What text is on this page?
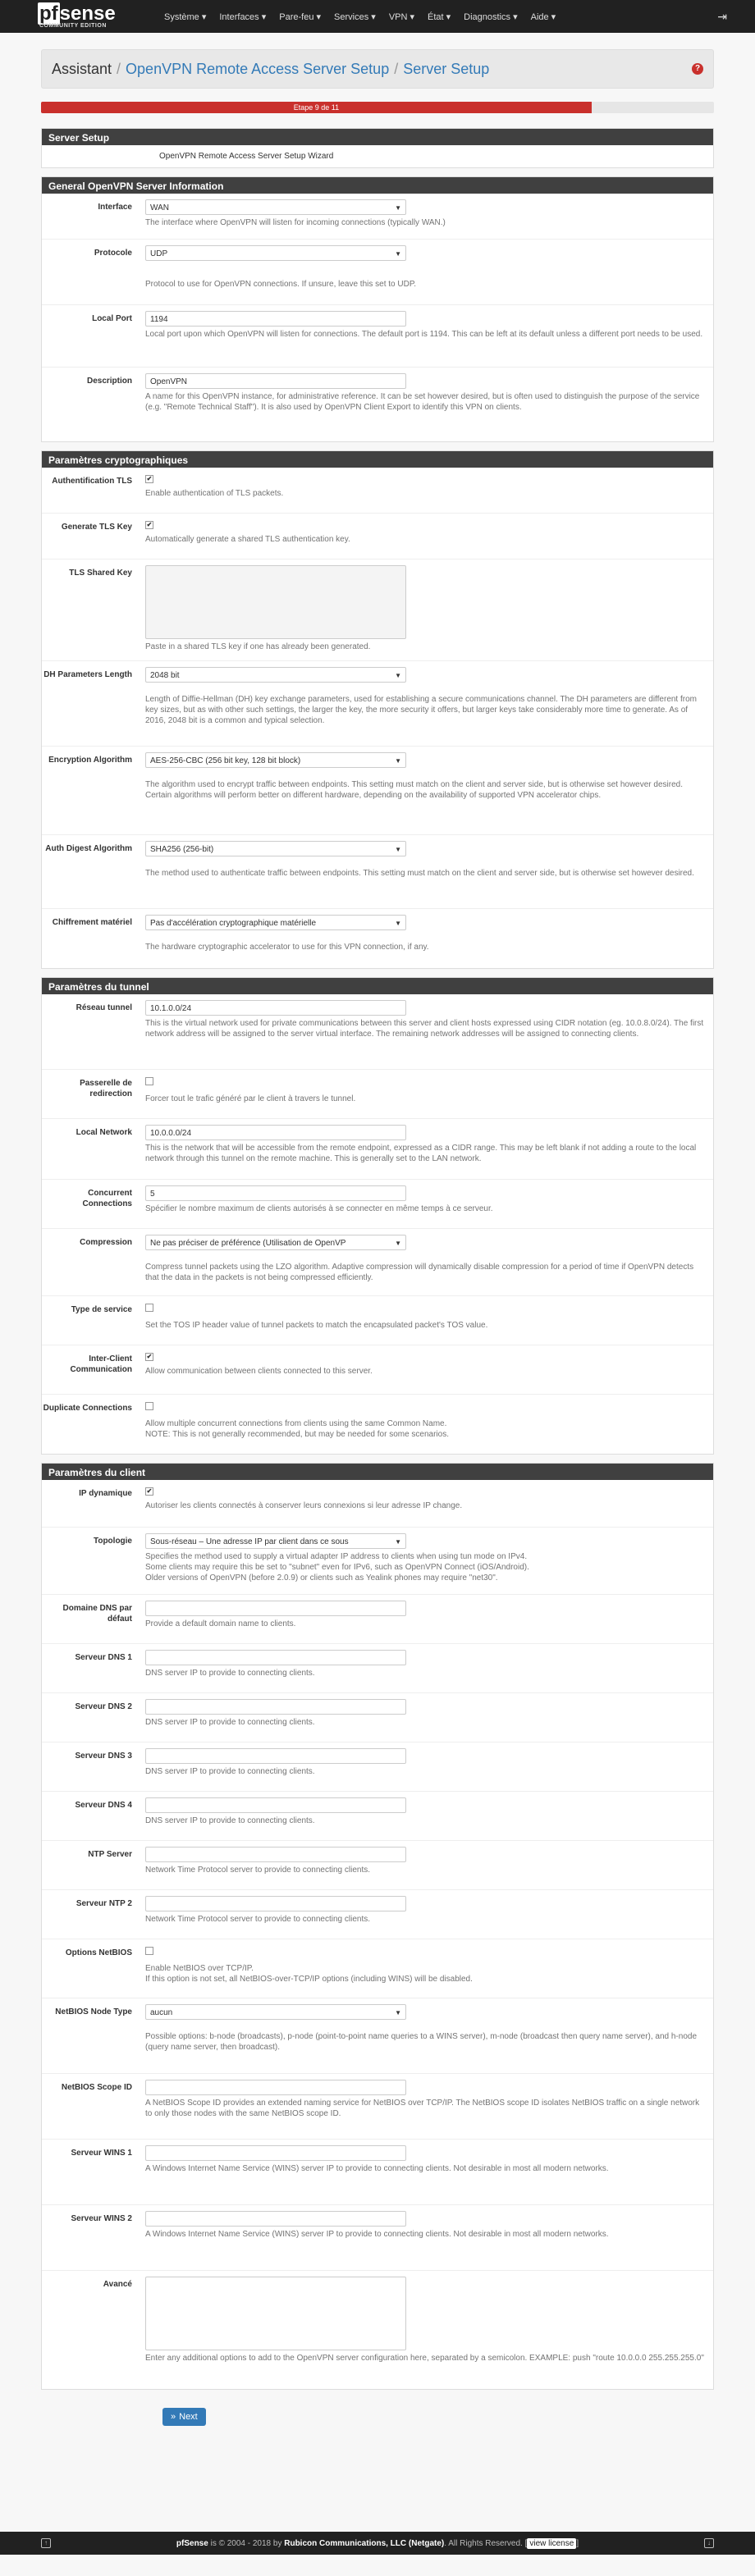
pfsense
COMMUNITY EDITION
Système ▾ Interfaces ▾ Pare-feu ▾ Services ▾ VPN ▾ État ▾ Diagnostics ▾ Aide ▾	⇥
Assistant / OpenVPN Remote Access Server Setup / Server Setup	?
Etape 9 de 11
Server Setup
OpenVPN Remote Access Server Setup Wizard
General OpenVPN Server Information
Interface	WAN	▼
The interface where OpenVPN will listen for incoming connections (typically WAN.)
Protocole	UDP	▼
Protocol to use for OpenVPN connections. If unsure, leave this set to UDP.
Local Port	1194
Local port upon which OpenVPN will listen for connections. The default port is 1194. This can be left at its default unless a different port needs to be used.
Description	OpenVPN
A name for this OpenVPN instance, for administrative reference. It can be set however desired, but is often used to distinguish the purpose of the service (e.g. "Remote Technical Staff"). It is also used by OpenVPN Client Export to identify this VPN on clients.
Paramètres cryptographiques
Authentification TLS	✔
Enable authentication of TLS packets.
Generate TLS Key	✔
Automatically generate a shared TLS authentication key.
TLS Shared Key
Paste in a shared TLS key if one has already been generated.
DH Parameters Length	2048 bit	▼
Length of Diffie-Hellman (DH) key exchange parameters, used for establishing a secure communications channel. The DH parameters are different from key sizes, but as with other such settings, the larger the key, the more security it offers, but larger keys take considerably more time to generate. As of 2016, 2048 bit is a common and typical selection.
Encryption Algorithm	AES-256-CBC (256 bit key, 128 bit block)	▼
The algorithm used to encrypt traffic between endpoints. This setting must match on the client and server side, but is otherwise set however desired. Certain algorithms will perform better on different hardware, depending on the availability of supported VPN accelerator chips.
Auth Digest Algorithm	SHA256 (256-bit)	▼
The method used to authenticate traffic between endpoints. This setting must match on the client and server side, but is otherwise set however desired.
Chiffrement matériel	Pas d'accélération cryptographique matérielle	▼
The hardware cryptographic accelerator to use for this VPN connection, if any.
Paramètres du tunnel
Réseau tunnel	10.1.0.0/24
This is the virtual network used for private communications between this server and client hosts expressed using CIDR notation (eg. 10.0.8.0/24). The first network address will be assigned to the server virtual interface. The remaining network addresses will be assigned to connecting clients.
Passerelle de redirection
Forcer tout le trafic généré par le client à travers le tunnel.
Local Network	10.0.0.0/24
This is the network that will be accessible from the remote endpoint, expressed as a CIDR range. This may be left blank if not adding a route to the local network through this tunnel on the remote machine. This is generally set to the LAN network.
Concurrent Connections
5
Spécifier le nombre maximum de clients autorisés à se connecter en même temps à ce serveur.
Compression	Ne pas préciser de préférence (Utilisation de OpenVP	▼
Compress tunnel packets using the LZO algorithm. Adaptive compression will dynamically disable compression for a period of time if OpenVPN detects that the data in the packets is not being compressed efficiently.
Type de service
Set the TOS IP header value of tunnel packets to match the encapsulated packet's TOS value.
Inter-Client Communication
✔
Allow communication between clients connected to this server.
Duplicate Connections
Allow multiple concurrent connections from clients using the same Common Name.
NOTE: This is not generally recommended, but may be needed for some scenarios.
Paramètres du client
IP dynamique	✔
Autoriser les clients connectés à conserver leurs connexions si leur adresse IP change.
Topologie	Sous-réseau – Une adresse IP par client dans ce sous	▼
Specifies the method used to supply a virtual adapter IP address to clients when using tun mode on IPv4.
Some clients may require this be set to "subnet" even for IPv6, such as OpenVPN Connect (iOS/Android).
Older versions of OpenVPN (before 2.0.9) or clients such as Yealink phones may require "net30".
Domaine DNS par défaut
Provide a default domain name to clients.
Serveur DNS 1
DNS server IP to provide to connecting clients.
Serveur DNS 2
DNS server IP to provide to connecting clients.
Serveur DNS 3
DNS server IP to provide to connecting clients.
Serveur DNS 4
DNS server IP to provide to connecting clients.
NTP Server
Network Time Protocol server to provide to connecting clients.
Serveur NTP 2
Network Time Protocol server to provide to connecting clients.
Options NetBIOS
Enable NetBIOS over TCP/IP.
If this option is not set, all NetBIOS-over-TCP/IP options (including WINS) will be disabled.
NetBIOS Node Type	aucun	▼
Possible options: b-node (broadcasts), p-node (point-to-point name queries to a WINS server), m-node (broadcast then query name server), and h-node (query name server, then broadcast).
NetBIOS Scope ID
A NetBIOS Scope ID provides an extended naming service for NetBIOS over TCP/IP. The NetBIOS scope ID isolates NetBIOS traffic on a single network to only those nodes with the same NetBIOS scope ID.
Serveur WINS 1
A Windows Internet Name Service (WINS) server IP to provide to connecting clients. Not desirable in most all modern networks.
Serveur WINS 2
A Windows Internet Name Service (WINS) server IP to provide to connecting clients. Not desirable in most all modern networks.
Avancé
Enter any additional options to add to the OpenVPN server configuration here, separated by a semicolon. EXAMPLE: push "route 10.0.0.0 255.255.255.0"
» Next
↑	pfSense is © 2004 - 2018 by Rubicon Communications, LLC (Netgate). All Rights Reserved. [ view license ]	↓
